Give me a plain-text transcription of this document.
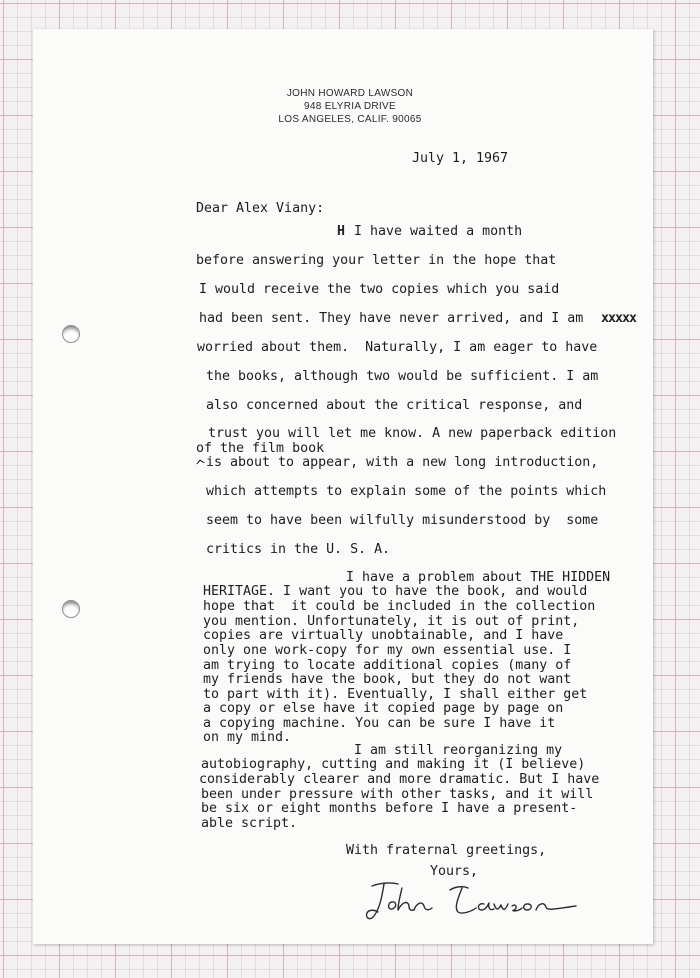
JOHN HOWARD LAWSON
948 ELYRIA DRIVE
LOS ANGELES, CALIF. 90065
July 1, 1967
Dear Alex Viany:
H I have waited a month
before answering your letter in the hope that
I would receive the two copies which you said
had been sent. They have never arrived, and I am xxxxx
worried about them.  Naturally, I am eager to have
the books, although two would be sufficient. I am
also concerned about the critical response, and
trust you will let me know. A new paperback edition
of the film book
^
is about to appear, with a new long introduction,
which attempts to explain some of the points which
seem to have been wilfully misunderstood by  some
critics in the U. S. A.
I have a problem about THE HIDDEN
HERITAGE. I want you to have the book, and would
hope that  it could be included in the collection
you mention. Unfortunately, it is out of print,
copies are virtually unobtainable, and I have
only one work-copy for my own essential use. I
am trying to locate additional copies (many of
my friends have the book, but they do not want
to part with it). Eventually, I shall either get
a copy or else have it copied page by page on
a copying machine. You can be sure I have it
on my mind.
I am still reorganizing my
autobiography, cutting and making it (I believe)
considerably clearer and more dramatic. But I have
been under pressure with other tasks, and it will
be six or eight months before I have a present-
able script.
With fraternal greetings,
Yours,
